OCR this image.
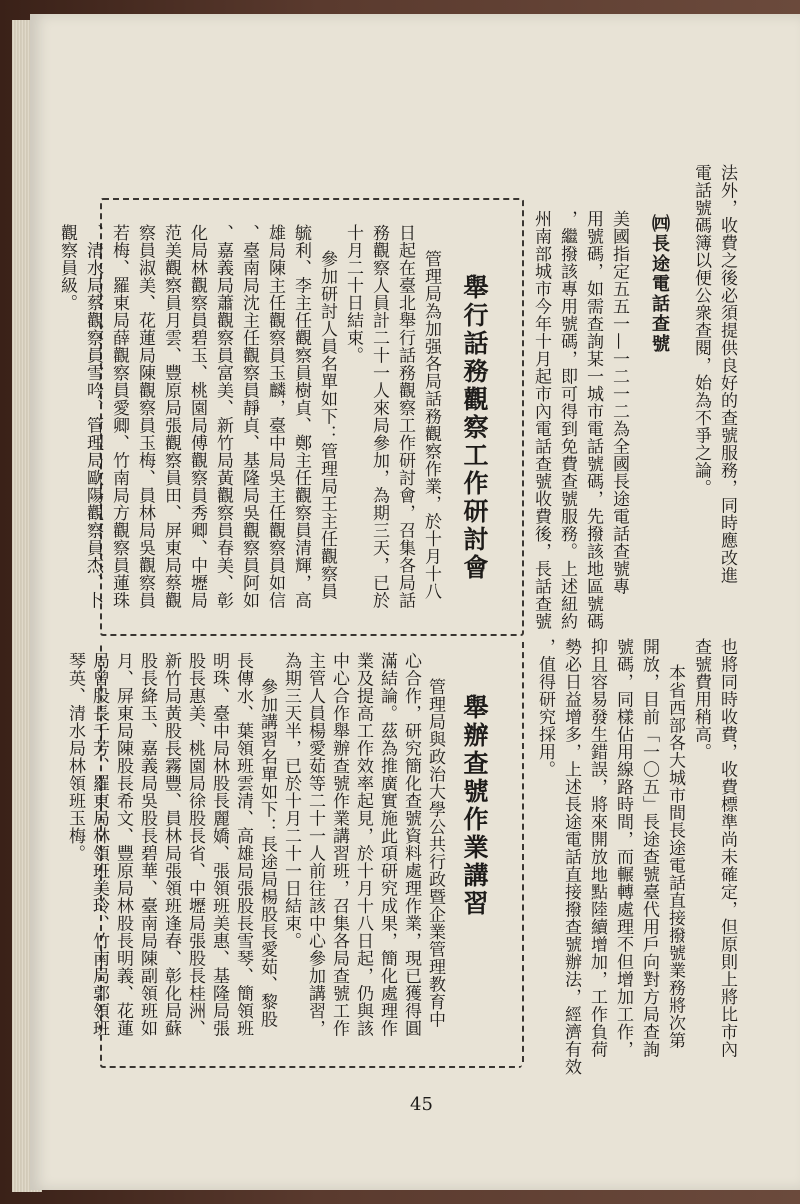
法外，收費之後必須提供良好的查號服務，同時應改進
電話號碼簿以便公衆查閱，始為不爭之論。
㈣長途電話查號
美國指定五五一—一二一二為全國長途電話查號專
用號碼，如需查詢某一城市電話號碼，先撥該地區號碼
，繼撥該專用號碼，即可得到免費查號服務。上述紐約
州南部城市今年十月起市內電話查號收費後，長話查號
舉行話務觀察工作研討會
管理局為加强各局話務觀察作業，於十月十八
日起在臺北舉行話務觀察工作研討會，召集各局話
務觀察人員計二十一人來局參加，為期三天，已於
十月二十日結束。
參加研討人員名單如下：管理局王主任觀察員
毓利、李主任觀察員樹貞、鄭主任觀察員清輝，高
雄局陳主任觀察員玉麟，臺中局吳主任觀察員如信
、臺南局沈主任觀察員靜貞、基隆局吳觀察員阿如
、嘉義局蕭觀察員富美、新竹局黃觀察員春美、彰
化局林觀察員碧玉、桃園局傅觀察員秀卿、中壢局
范美觀察員月雲、豐原局張觀察員田、屏東局蔡觀
察員淑美、花蓮局陳觀察員玉梅、員林局吳觀察員
若梅、羅東局薛觀察員愛卿、竹南局方觀察員蓮珠
、清水局蔡觀察員雪吟、管理局歐陽觀察員杰、卜
觀察員級。
也將同時收費，收費標準尚未確定，但原則上將比市內
查號費用稍高。
本省西部各大城市間長途電話直接撥號業務將次第
開放，目前「一〇五」長途查號臺代用戶向對方局查詢
號碼，同樣佔用線路時間，而輾轉處理不但增加工作，
抑且容易發生錯誤，將來開放地點陸續增加，工作負荷
勢必日益增多，上述長途電話直接撥查號辦法，經濟有效
，值得研究採用。
舉辦查號作業講習
管理局與政治大學公共行政暨企業管理教育中
心合作，研究簡化查號資料處理作業，現已獲得圓
滿結論。茲為推廣實施此項研究成果，簡化處理作
業及提高工作效率起見，於十月十八日起，仍與該
中心合作舉辦查號作業講習班，召集各局查號工作
主管人員楊愛茹等二十一人前往該中心參加講習，
為期三天半，已於十月二十一日結束。
參加講習名單如下：長途局楊股長愛茹、黎股
長傳水、葉領班雲清、高雄局張股長雪琴、簡領班
明珠、臺中局林股長麗嬌、張領班美惠、基隆局張
股長惠美、桃園局徐股長省、中壢局張股長桂洲、
新竹局黃股長霧豐、員林局張領班逢春、彰化局蘇
股長絳玉、嘉義局吳股長碧華、臺南局陳副領班如
月、屏東局陳股長希文、豐原局林股長明義、花蓮
局曾股長千芳、羅東局林領班美玲、竹南局郭領班
琴英、清水局林領班玉梅。
45
